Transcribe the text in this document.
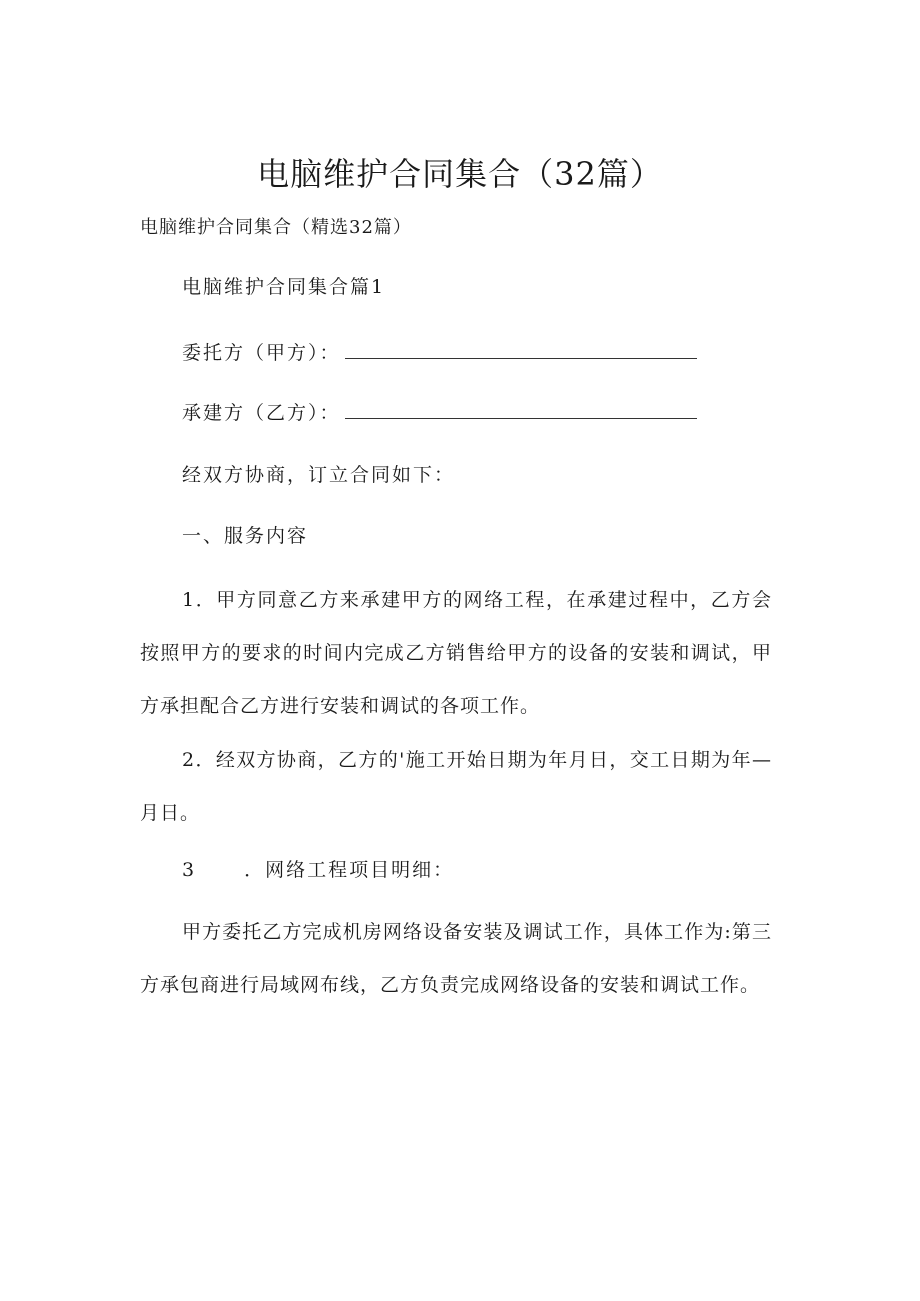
电脑维护合同集合（32篇）
电脑维护合同集合（精选32篇）
电脑维护合同集合篇1
委托方（甲方）：
承建方（乙方）：
经双方协商，订立合同如下：
一、服务内容
1．甲方同意乙方来承建甲方的网络工程，在承建过程中，乙方会按照甲方的要求的时间内完成乙方销售给甲方的设备的安装和调试，甲方承担配合乙方进行安装和调试的各项工作。
2．经双方协商，乙方的'施工开始日期为年月日，交工日期为年—月日。
3	．网络工程项目明细：
甲方委托乙方完成机房网络设备安装及调试工作，具体工作为:第三方承包商进行局域网布线，乙方负责完成网络设备的安装和调试工作。
